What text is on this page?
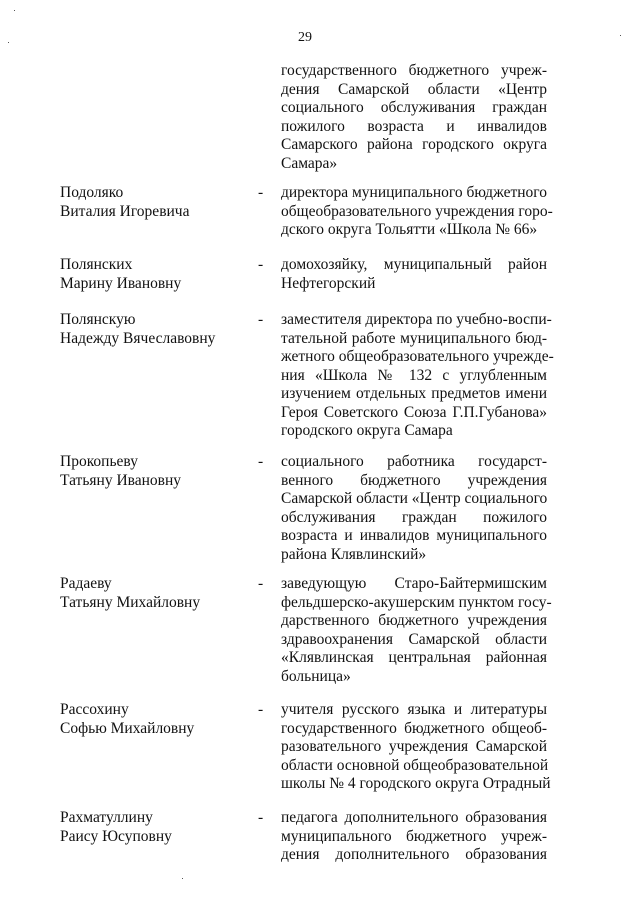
29
государственного бюджетного учреж-
дения Самарской области «Центр
социального обслуживания граждан
пожилого возраста и инвалидов
Самарского района городского округа
Самара»
Подоляко
Виталия Игоревича
- директора муниципального бюджетного
общеобразовательного учреждения горо-
дского округа Тольятти «Школа № 66»
Полянских
Марину Ивановну
- домохозяйку, муниципальный район
Нефтегорский
Полянскую
Надежду Вячеславовну
- заместителя директора по учебно-воспи-
тательной работе муниципального бюд-
жетного общеобразовательного учрежде-
ния «Школа № 132 с углубленным
изучением отдельных предметов имени
Героя Советского Союза Г.П.Губанова»
городского округа Самара
Прокопьеву
Татьяну Ивановну
- социального работника государст-
венного бюджетного учреждения
Самарской области «Центр социального
обслуживания граждан пожилого
возраста и инвалидов муниципального
района Клявлинский»
Радаеву
Татьяну Михайловну
- заведующую Старо-Байтермишским
фельдшерско-акушерским пунктом госу-
дарственного бюджетного учреждения
здравоохранения Самарской области
«Клявлинская центральная районная
больница»
Рассохину
Софью Михайловну
- учителя русского языка и литературы
государственного бюджетного общеоб-
разовательного учреждения Самарской
области основной общеобразовательной
школы № 4 городского округа Отрадный
Рахматуллину
Раису Юсуповну
- педагога дополнительного образования
муниципального бюджетного учреж-
дения дополнительного образования
